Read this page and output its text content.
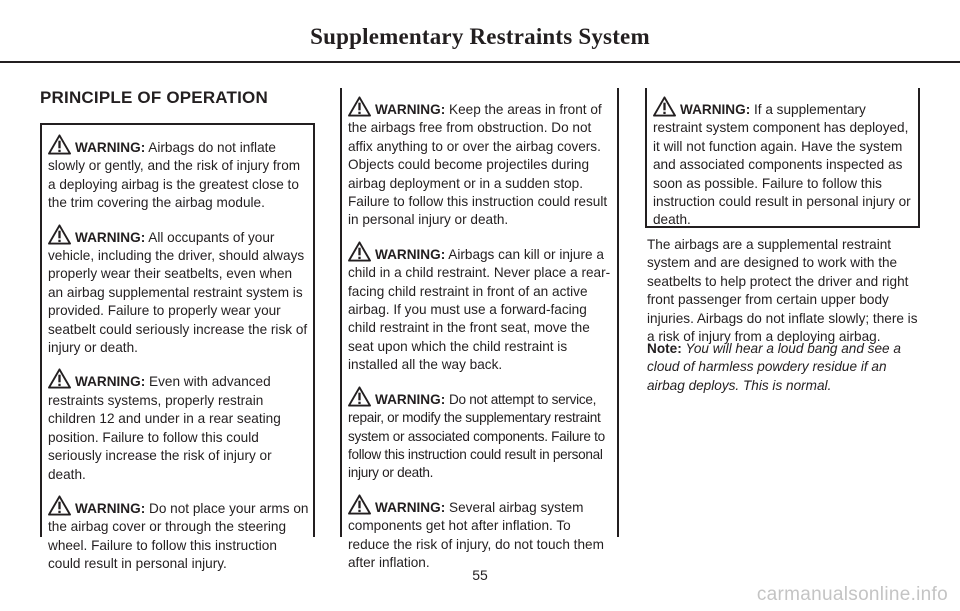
Supplementary Restraints System
PRINCIPLE OF OPERATION

WARNING: Airbags do not inflate slowly or gently, and the risk of injury from a deploying airbag is the greatest close to the trim covering the airbag module.

WARNING: All occupants of your vehicle, including the driver, should always properly wear their seatbelts, even when an airbag supplemental restraint system is provided. Failure to properly wear your seatbelt could seriously increase the risk of injury or death.

WARNING: Even with advanced restraints systems, properly restrain children 12 and under in a rear seating position. Failure to follow this could seriously increase the risk of injury or death.

WARNING: Do not place your arms on the airbag cover or through the steering wheel. Failure to follow this instruction could result in personal injury.

WARNING: Keep the areas in front of the airbags free from obstruction. Do not affix anything to or over the airbag covers. Objects could become projectiles during airbag deployment or in a sudden stop. Failure to follow this instruction could result in personal injury or death.

WARNING: Airbags can kill or injure a child in a child restraint. Never place a rear-facing child restraint in front of an active airbag. If you must use a forward-facing child restraint in the front seat, move the seat upon which the child restraint is installed all the way back.

WARNING: Do not attempt to service, repair, or modify the supplementary restraint system or associated components. Failure to follow this instruction could result in personal injury or death.

WARNING: Several airbag system components get hot after inflation. To reduce the risk of injury, do not touch them after inflation.

WARNING: If a supplementary restraint system component has deployed, it will not function again. Have the system and associated components inspected as soon as possible. Failure to follow this instruction could result in personal injury or death.

The airbags are a supplemental restraint system and are designed to work with the seatbelts to help protect the driver and right front passenger from certain upper body injuries. Airbags do not inflate slowly; there is a risk of injury from a deploying airbag.
Note: You will hear a loud bang and see a cloud of harmless powdery residue if an airbag deploys. This is normal.
55
carmanualsonline.info
